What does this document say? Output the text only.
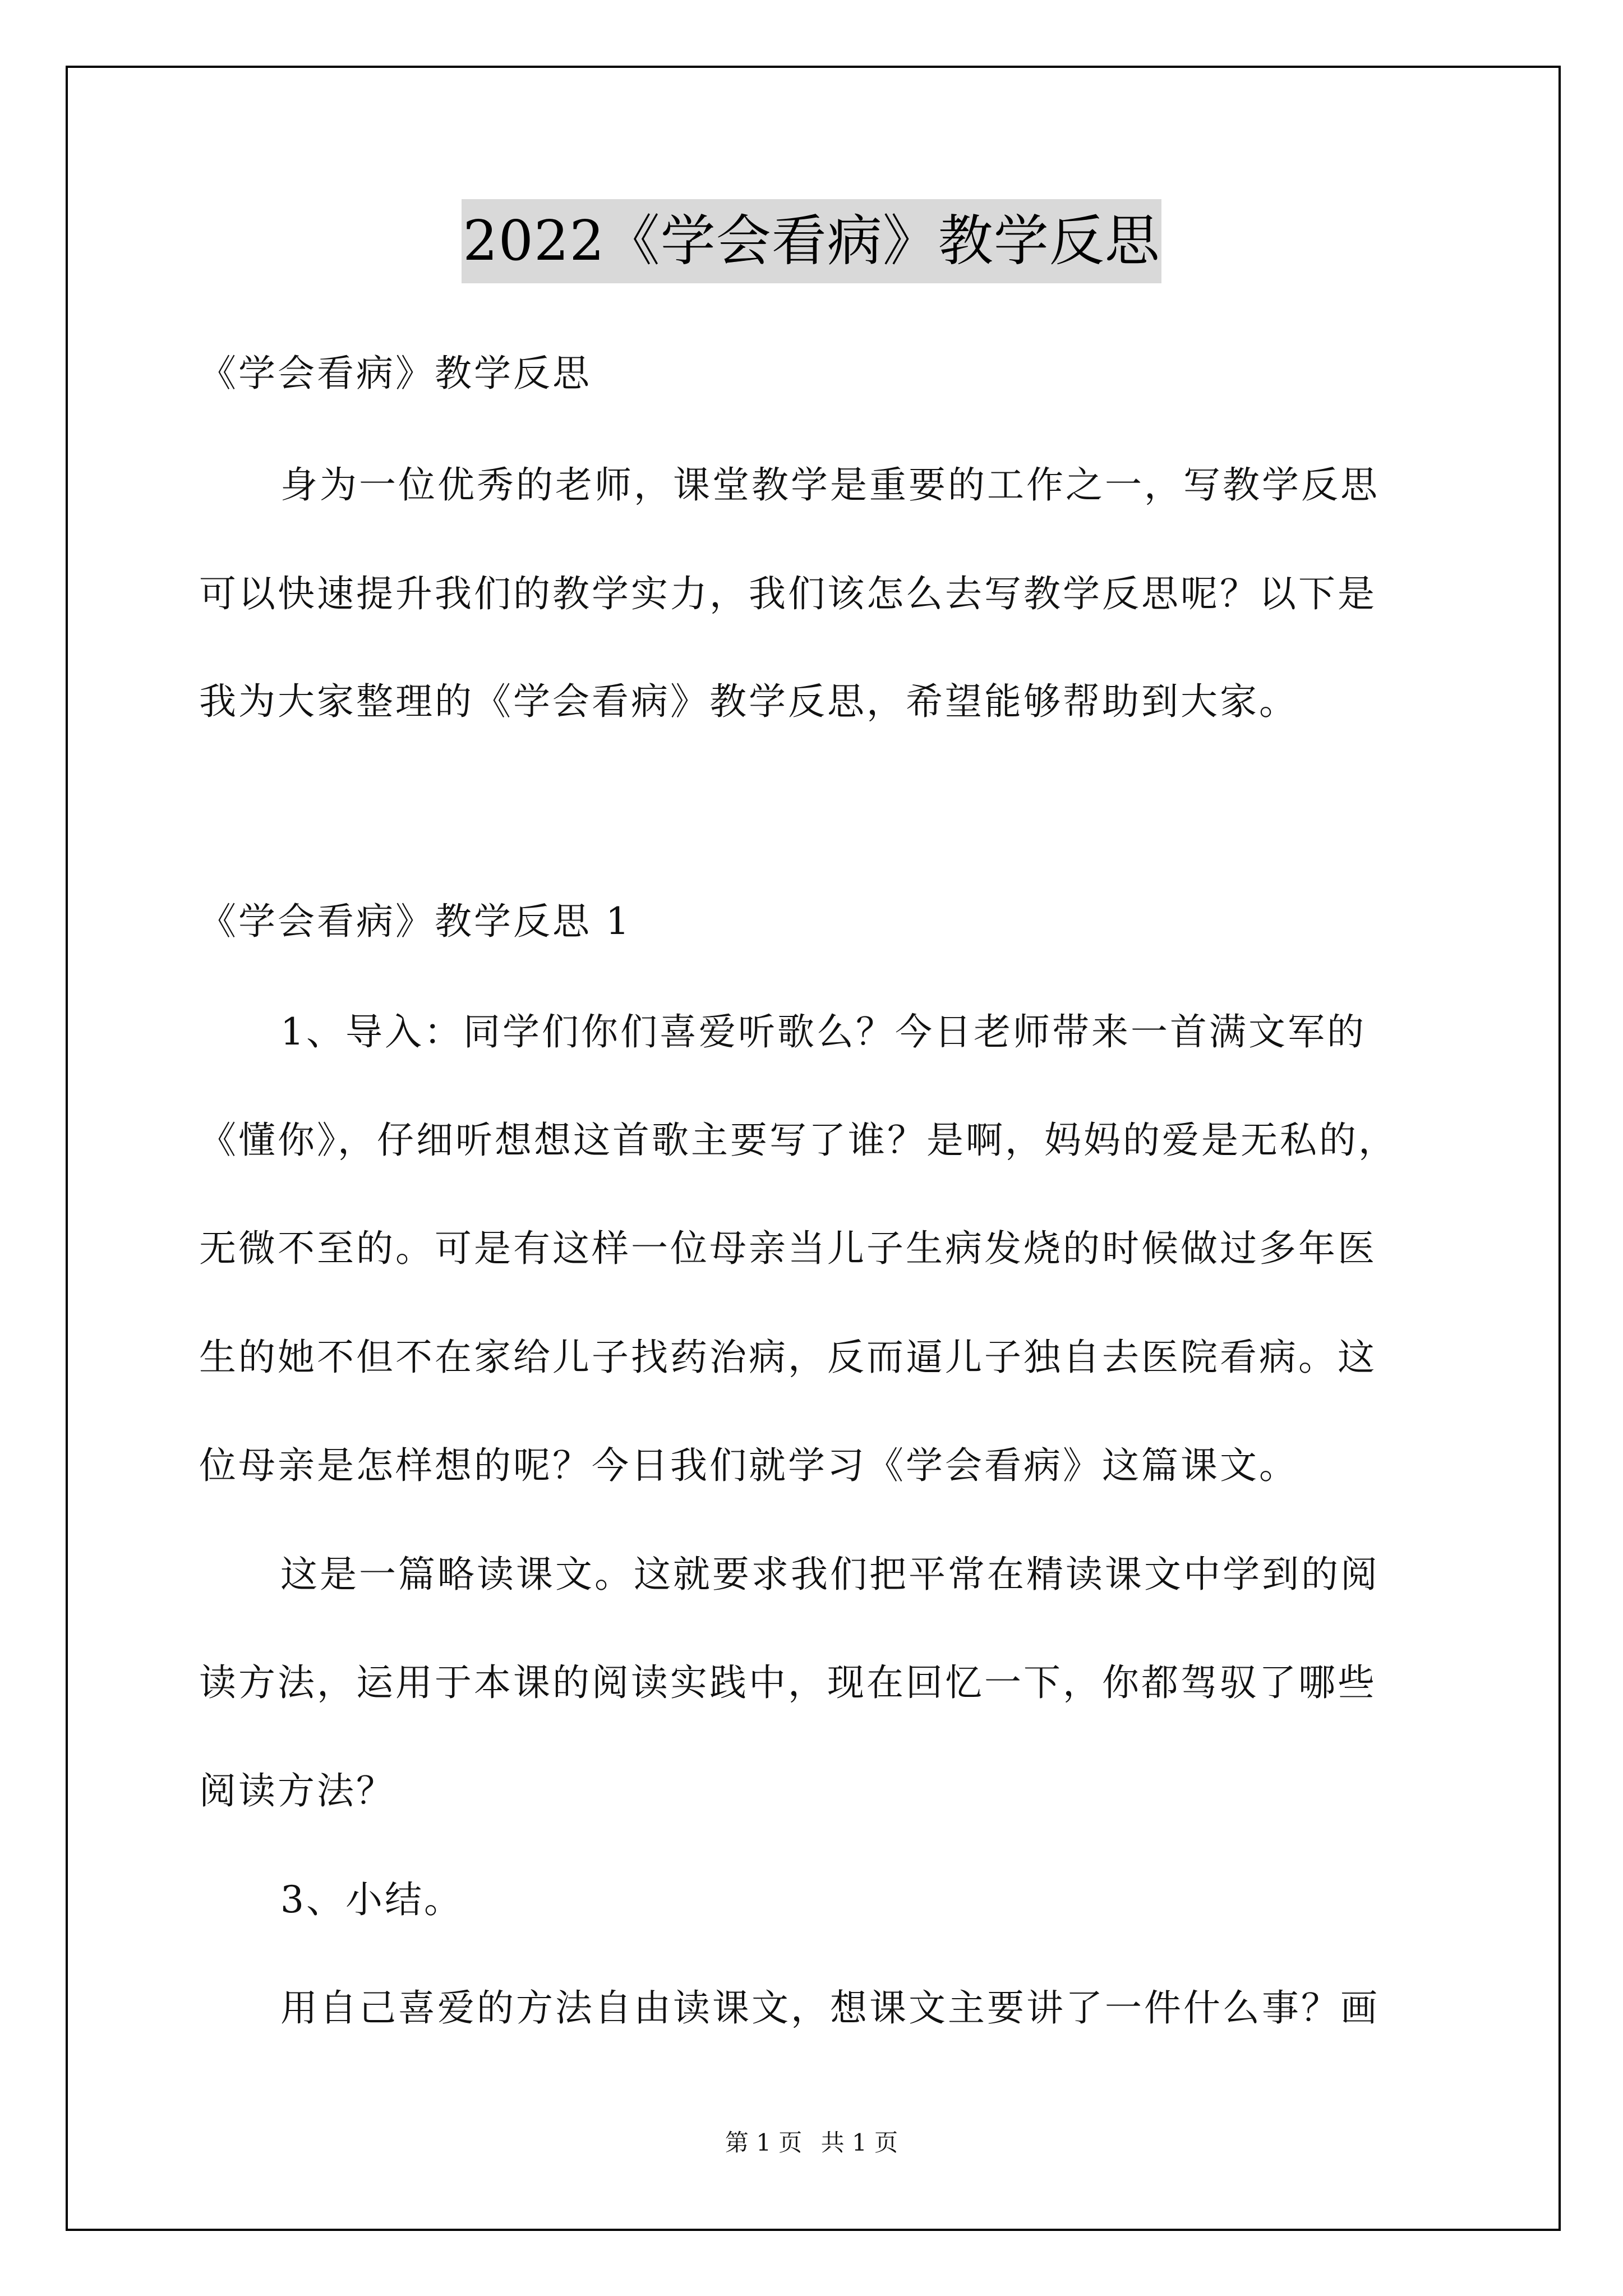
2022《学会看病》教学反思
《学会看病》教学反思
身为一位优秀的老师，课堂教学是重要的工作之一，写教学反思
可以快速提升我们的教学实力，我们该怎么去写教学反思呢？以下是
我为大家整理的《学会看病》教学反思，希望能够帮助到大家。
《学会看病》教学反思 1
1、导入：同学们你们喜爱听歌么？今日老师带来一首满文军的
《懂你》，仔细听想想这首歌主要写了谁？是啊，妈妈的爱是无私的，
无微不至的。可是有这样一位母亲当儿子生病发烧的时候做过多年医
生的她不但不在家给儿子找药治病，反而逼儿子独自去医院看病。这
位母亲是怎样想的呢？今日我们就学习《学会看病》这篇课文。
这是一篇略读课文。这就要求我们把平常在精读课文中学到的阅
读方法，运用于本课的阅读实践中，现在回忆一下，你都驾驭了哪些
阅读方法？
3、小结。
用自己喜爱的方法自由读课文，想课文主要讲了一件什么事？画
第 1 页 共 1 页
